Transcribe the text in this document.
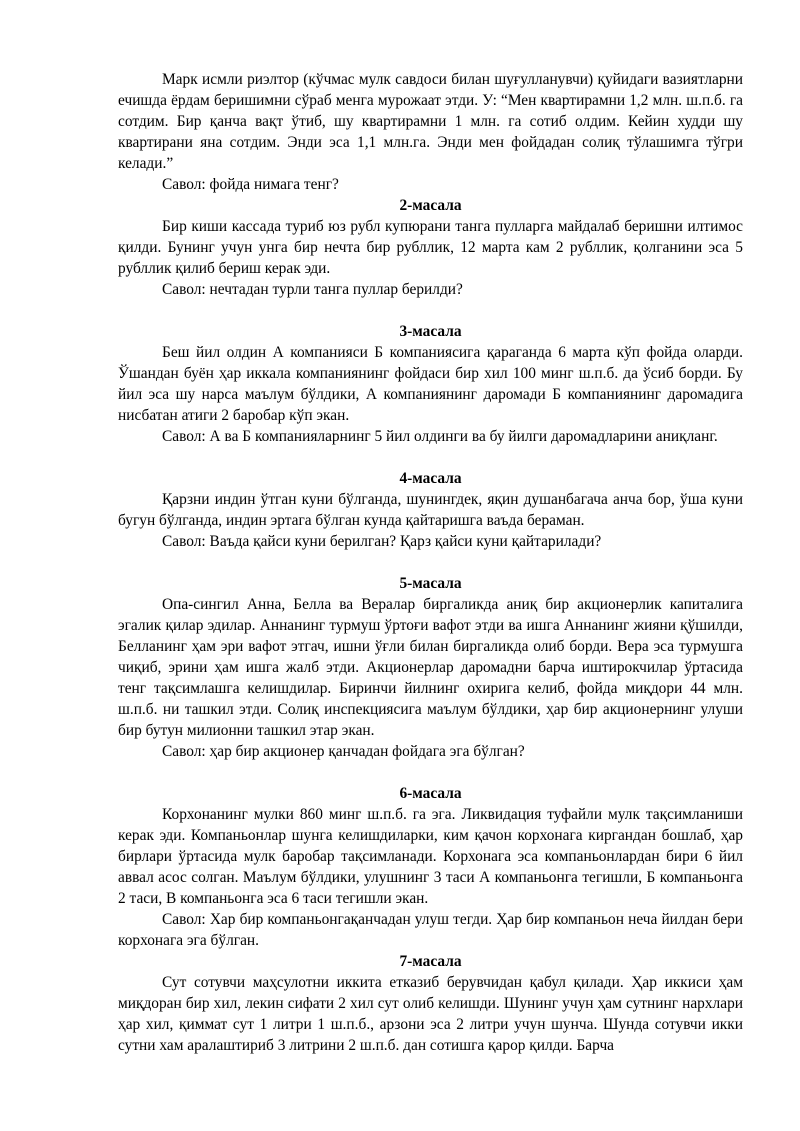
Марк исмли риэлтор (кўчмас мулк савдоси билан шуғулланувчи) қуйидаги вазиятларни ечишда ёрдам беришимни сўраб менга мурожаат этди. У: “Мен квартирамни 1,2 млн. ш.п.б. га сотдим. Бир қанча вақт ўтиб, шу квартирамни 1 млн. га сотиб олдим. Кейин худди шу квартирани яна сотдим. Энди эса 1,1 млн.га. Энди мен фойдадан солиқ тўлашимга тўгри келади.”

Савол: фойда нимага тенг?

2-масала

Бир киши кассада туриб юз рубл купюрани танга пулларга майдалаб беришни илтимос қилди. Бунинг учун унга бир нечта бир рубллик, 12 марта кам 2 рубллик, қолганини эса 5 рубллик қилиб бериш керак эди.

Савол: нечтадан турли танга пуллар берилди?

3-масала

Беш йил олдин А компанияси Б компаниясига қараганда 6 марта кўп фойда оларди. Ўшандан буён ҳар иккала компаниянинг фойдаси бир хил 100 минг ш.п.б. да ўсиб борди. Бу йил эса шу нарса маълум бўлдики, А компаниянинг даромади Б компаниянинг даромадига нисбатан атиги 2 баробар кўп экан.

Савол: А ва Б компанияларнинг 5 йил олдинги ва бу йилги даромадларини аниқланг.

4-масала

Қарзни индин ўтган куни бўлганда, шунингдек, яқин душанбагача анча бор, ўша куни бугун бўлганда, индин эртага бўлган кунда қайтаришга ваъда бераман.

Савол: Ваъда қайси куни берилган? Қарз қайси куни қайтарилади?

5-масала

Опа-сингил Анна, Белла ва Вералар биргаликда аниқ бир акционерлик капиталига эгалик қилар эдилар. Аннанинг турмуш ўртоғи вафот этди ва ишга Аннанинг жияни қўшилди, Белланинг ҳам эри вафот этгач, ишни ўғли билан биргаликда олиб борди. Вера эса турмушга чиқиб, эрини ҳам ишга жалб этди. Акционерлар даромадни барча иштирокчилар ўртасида тенг тақсимлашга келишдилар. Биринчи йилнинг охирига келиб, фойда миқдори 44 млн. ш.п.б. ни ташкил этди. Солиқ инспекциясига маълум бўлдики, ҳар бир акционернинг улуши бир бутун милионни ташкил этар экан.

Савол: ҳар бир акционер қанчадан фойдага эга бўлган?

6-масала

Корхонанинг мулки 860 минг ш.п.б. га эга. Ликвидация туфайли мулк тақсимланиши керак эди. Компаньонлар шунга келишдиларки, ким қачон корхонага киргандан бошлаб, ҳар бирлари ўртасида мулк баробар тақсимланади. Корхонага эса компаньонлардан бири 6 йил аввал асос солган. Маълум бўлдики, улушнинг 3 таси А компаньонга тегишли, Б компаньонга 2 таси, В компаньонга эса 6 таси тегишли экан.

Савол: Хар бир компаньонгақанчадан улуш тегди. Ҳар бир компаньон неча йилдан бери корхонага эга бўлган.

7-масала

Сут сотувчи маҳсулотни иккита етказиб берувчидан қабул қилади. Ҳар иккиси ҳам миқдоран бир хил, лекин сифати 2 хил сут олиб келишди. Шунинг учун ҳам сутнинг нархлари ҳар хил, қиммат сут 1 литри 1 ш.п.б., арзони эса 2 литри учун шунча. Шунда сотувчи икки сутни хам аралаштириб 3 литрини 2 ш.п.б. дан сотишга қарор қилди. Барча
